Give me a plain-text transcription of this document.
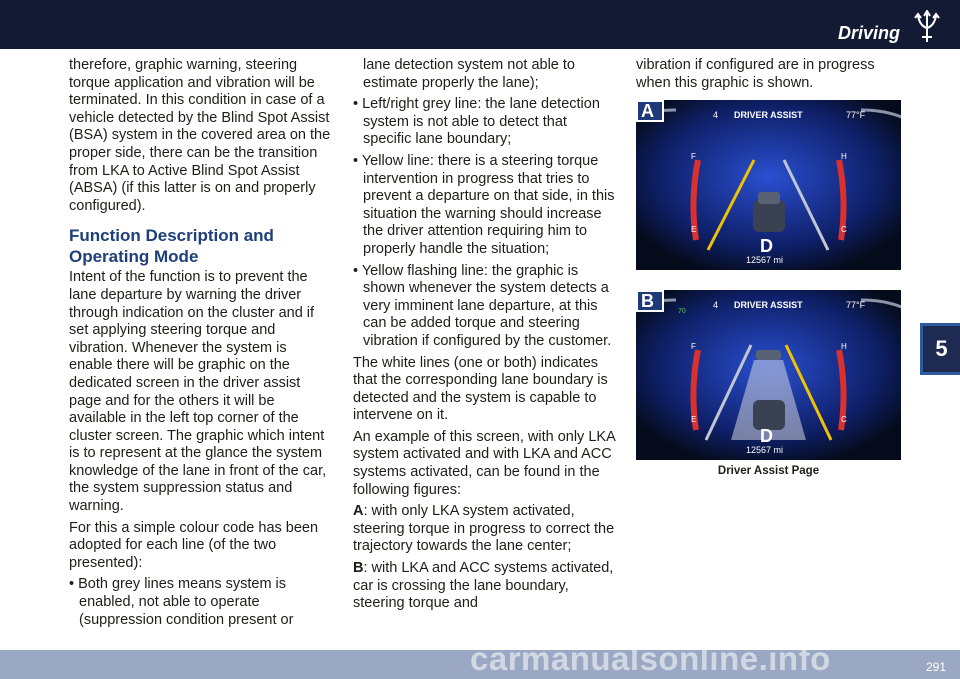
Driving
5

therefore, graphic warning, steering torque application and vibration will be terminated. In this condition in case of a vehicle detected by the Blind Spot Assist (BSA) system in the covered area on the proper side, there can be the transition from LKA to Active Blind Spot Assist (ABSA) (if this latter is on and properly configured).

Function Description and Operating Mode

Intent of the function is to prevent the lane departure by warning the driver through indication on the cluster and if set applying steering torque and vibration. Whenever the system is enable there will be graphic on the dedicated screen in the driver assist page and for the others it will be available in the left top corner of the cluster screen. The graphic which intent is to represent at the glance the system knowledge of the lane in front of the car, the system suppression status and warning.

For this a simple colour code has been adopted for each line (of the two presented):

• Both grey lines means system is enabled, not able to operate (suppression condition present or

lane detection system not able to estimate properly the lane);

• Left/right grey line: the lane detection system is not able to detect that specific lane boundary;

• Yellow line: there is a steering torque intervention in progress that tries to prevent a departure on that side, in this situation the warning should increase the driver attention requiring him to properly handle the situation;

• Yellow flashing line: the graphic is shown whenever the system detects a very imminent lane departure, at this can be added torque and steering vibration if configured by the customer.

The white lines (one or both) indicates that the corresponding lane boundary is detected and the system is capable to intervene on it.

An example of this screen, with only LKA system activated and with LKA and ACC systems activated, can be found in the following figures:

A: with only LKA system activated, steering torque in progress to correct the trajectory towards the lane center;

B: with LKA and ACC systems activated, car is crossing the lane boundary, steering torque and

vibration if configured are in progress when this graphic is shown.

A	4 DRIVER ASSIST	77°F
F
E
H
C
D
12567 mi
B
70
4 DRIVER ASSIST	77°F
F
E
H
C
D
12567 mi
Driver Assist Page
carmanualsonline.info	291
